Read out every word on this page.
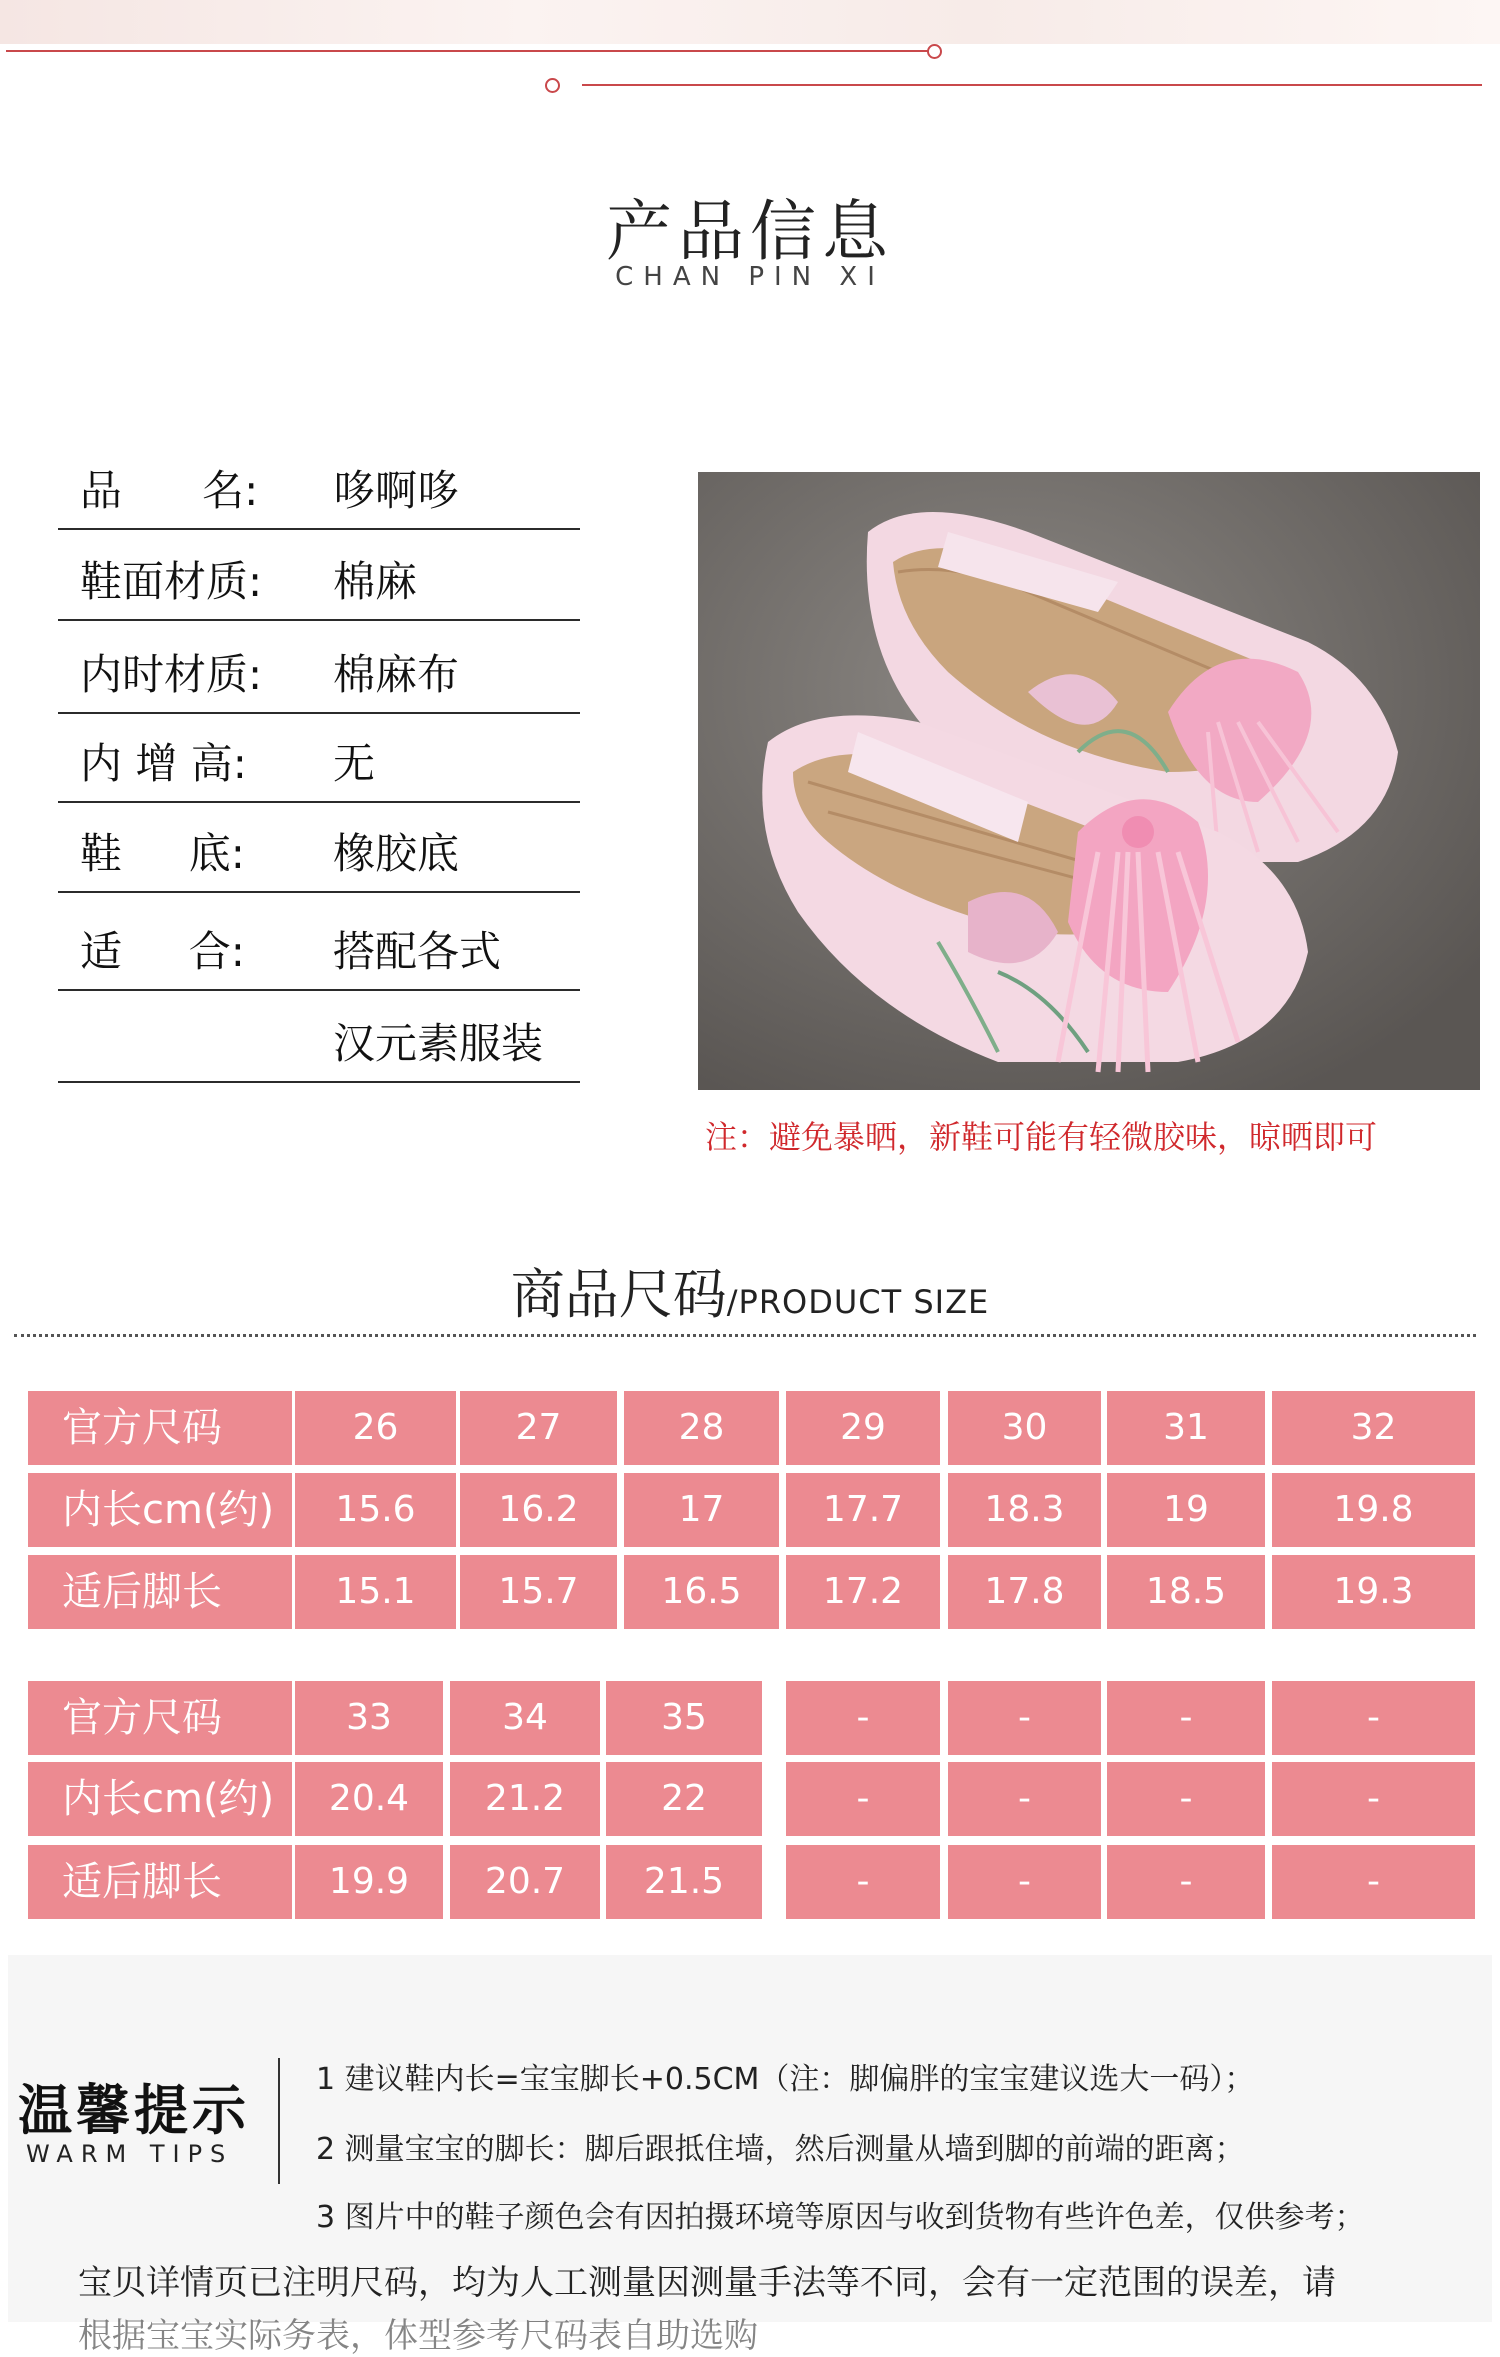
产品信息
CHAN PIN XI
品      名: 哆啊哆
鞋面材质: 棉麻
内时材质: 棉麻布
内 增 高: 无
鞋     底: 橡胶底
适     合: 搭配各式
汉元素服装
注：避免暴晒，新鞋可能有轻微胶味，晾晒即可
商品尺码/PRODUCT SIZE
官方尺码	26	27	28	29	30	31	32
内长cm(约)	15.6	16.2	17	17.7	18.3	19	19.8
适后脚长	15.1	15.7	16.5	17.2	17.8	18.5	19.3
官方尺码	33	34	35	-	-	-	-
内长cm(约)	20.4	21.2	22	-	-	-	-
适后脚长	19.9	20.7	21.5	-	-	-	-
温馨提示
WARM TIPS
1 建议鞋内长=宝宝脚长+0.5CM（注：脚偏胖的宝宝建议选大一码）；
2 测量宝宝的脚长：脚后跟抵住墙，然后测量从墙到脚的前端的距离；
3 图片中的鞋子颜色会有因拍摄环境等原因与收到货物有些许色差，仅供参考；
宝贝详情页已注明尺码，均为人工测量因测量手法等不同，会有一定范围的误差，请
根据宝宝实际务表，体型参考尺码表自助选购
